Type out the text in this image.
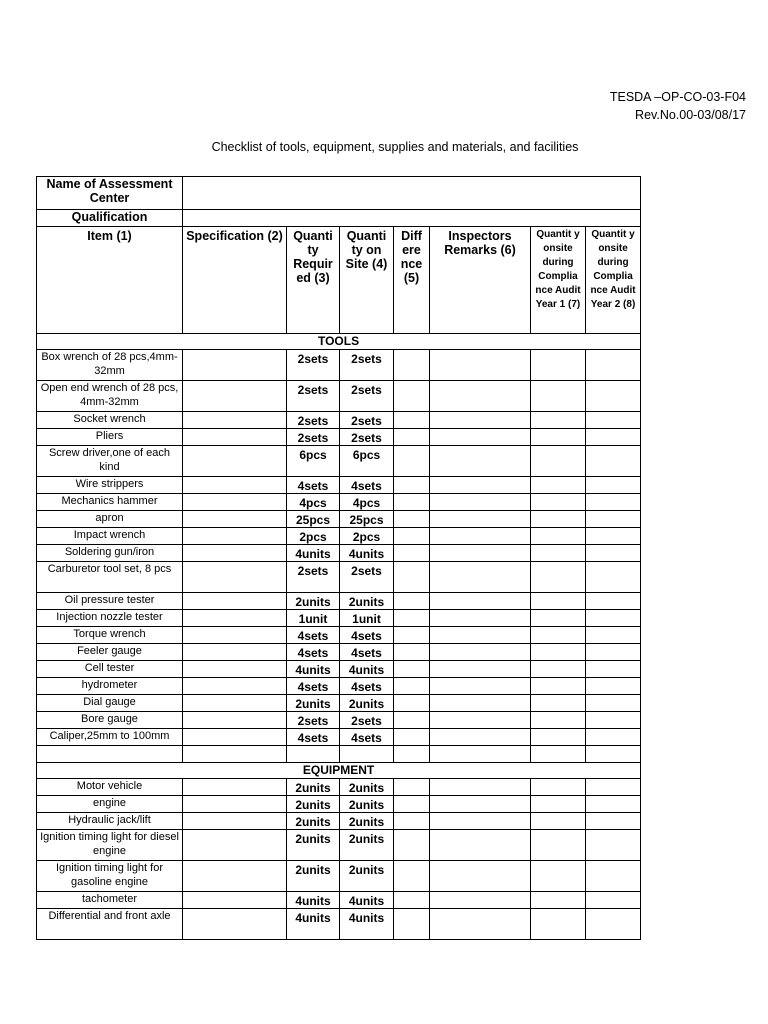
TESDA –OP-CO-03-F04
Rev.No.00-03/08/17
Checklist of tools, equipment, supplies and materials, and facilities
Name of Assessment Center							
Qualification							
Item (1)	Specification (2)	Quanti ty Requir ed (3)	Quanti ty on Site (4)	Diff ere nce (5)	Inspectors Remarks (6)	Quantit y onsite during Complia nce Audit Year 1 (7)	Quantit y onsite during Complia nce Audit Year 2 (8)
TOOLS							
Box wrench of 28 pcs,4mm-32mm		2sets	2sets				
Open end wrench of 28 pcs, 4mm-32mm		2sets	2sets				
Socket wrench		2sets	2sets				
Pliers		2sets	2sets				
Screw driver,one of each kind		6pcs	6pcs				
Wire strippers		4sets	4sets				
Mechanics hammer		4pcs	4pcs				
apron		25pcs	25pcs				
Impact wrench		2pcs	2pcs				
Soldering gun/iron		4units	4units				
Carburetor tool set, 8 pcs		2sets	2sets				
Oil pressure tester		2units	2units				
Injection nozzle tester		1unit	1unit				
Torque wrench		4sets	4sets				
Feeler gauge		4sets	4sets				
Cell tester		4units	4units				
hydrometer		4sets	4sets				
Dial gauge		2units	2units				
Bore gauge		2sets	2sets				
Caliper,25mm to 100mm		4sets	4sets				

EQUIPMENT							
Motor vehicle		2units	2units				
engine		2units	2units				
Hydraulic jack/lift		2units	2units				
Ignition timing light for diesel engine		2units	2units				
Ignition timing light for gasoline engine		2units	2units				
tachometer		4units	4units				
Differential and front axle		4units	4units				
